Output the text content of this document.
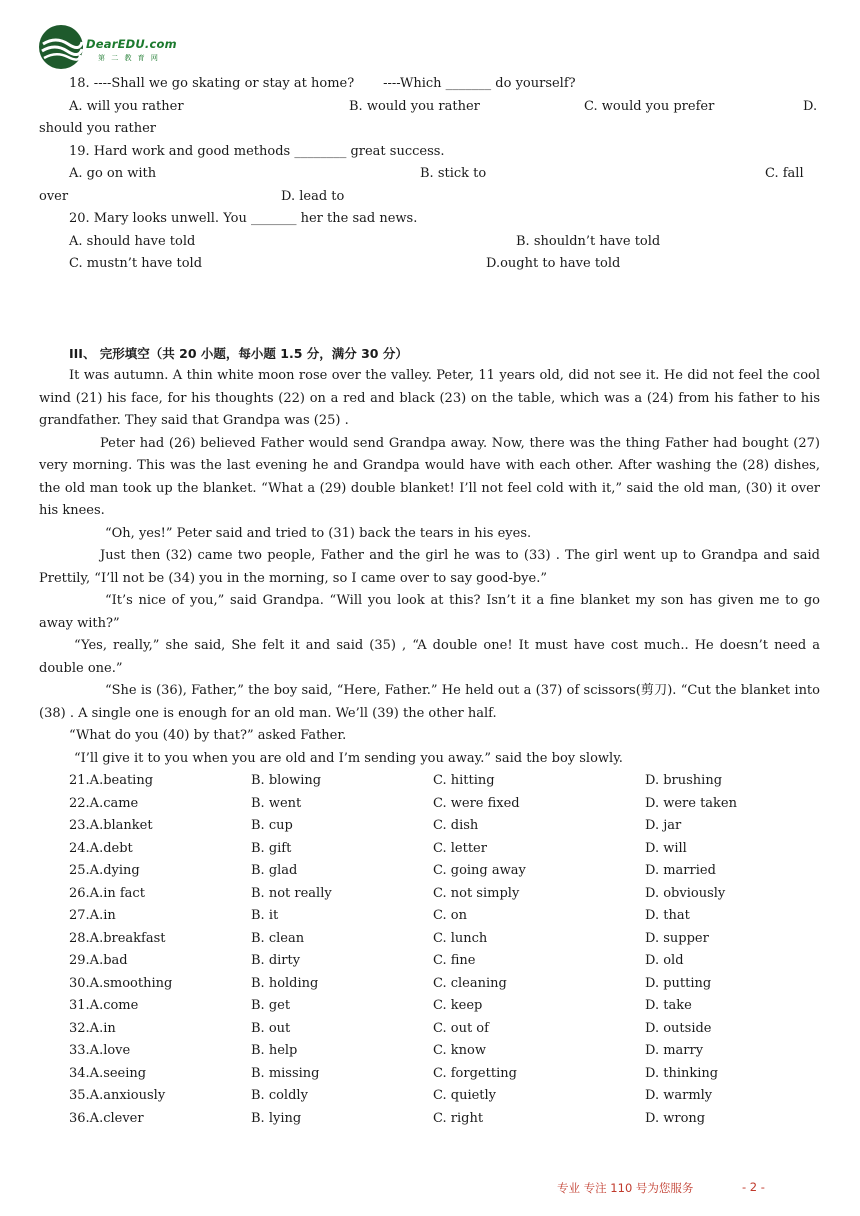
DearEDU.com
第 二 教 育 网
18. ----Shall we go skating or stay at home?       ----Which _______ do yourself?
A. will you rather	B. would you rather	C. would you prefer	D.
should you rather
19. Hard work and good methods ________ great success.
A. go on with	B. stick to	C. fall
over	D. lead to
20. Mary looks unwell. You _______ her the sad news.
A. should have told	B. shouldn’t have told
C. mustn’t have told	D.ought to have told
III、 完形填空（共 20 小题，每小题 1.5 分，满分 30 分）
It was autumn. A thin white moon rose over the valley. Peter, 11 years old, did not see it. He did not feel the cool wind (21) his face, for his thoughts (22) on a red and black (23) on the table, which was a (24) from his father to his grandfather. They said that Grandpa was (25) .
Peter had (26) believed Father would send Grandpa away. Now, there was the thing Father had bought (27) very morning. This was the last evening he and Grandpa would have with each other. After washing the (28) dishes, the old man took up the blanket. “What a (29) double blanket! I’ll not feel cold with it,” said the old man, (30) it over his knees.
“Oh, yes!” Peter said and tried to (31) back the tears in his eyes.
Just then (32) came two people, Father and the girl he was to (33) . The girl went up to Grandpa and said Prettily, “I’ll not be (34) you in the morning, so I came over to say good-bye.”
“It’s nice of you,” said Grandpa. “Will you look at this? Isn’t it a fine blanket my son has given me to go away with?”
“Yes, really,” she said, She felt it and said (35) , “A double one! It must have cost much.. He doesn’t need a double one.”
“She is (36), Father,” the boy said, “Here, Father.” He held out a (37) of scissors(剪刀). “Cut the blanket into (38) . A single one is enough for an old man. We’ll (39) the other half.
“What do you (40) by that?” asked Father.
“I’ll give it to you when you are old and I’m sending you away.” said the boy slowly.
21.A.beating	B. blowing	C. hitting	D. brushing
22.A.came	B. went	C. were fixed	D. were taken
23.A.blanket	B. cup	C. dish	D. jar
24.A.debt	B. gift	C. letter	D. will
25.A.dying	B. glad	C. going away	D. married
26.A.in fact	B. not really	C. not simply	D. obviously
27.A.in	B. it	C. on	D. that
28.A.breakfast	B. clean	C. lunch	D. supper
29.A.bad	B. dirty	C. fine	D. old
30.A.smoothing	B. holding	C. cleaning	D. putting
31.A.come	B. get	C. keep	D. take
32.A.in	B. out	C. out of	D. outside
33.A.love	B. help	C. know	D. marry
34.A.seeing	B. missing	C. forgetting	D. thinking
35.A.anxiously	B. coldly	C. quietly	D. warmly
36.A.clever	B. lying	C. right	D. wrong
专业 专注 110 号为您服务	- 2 -
